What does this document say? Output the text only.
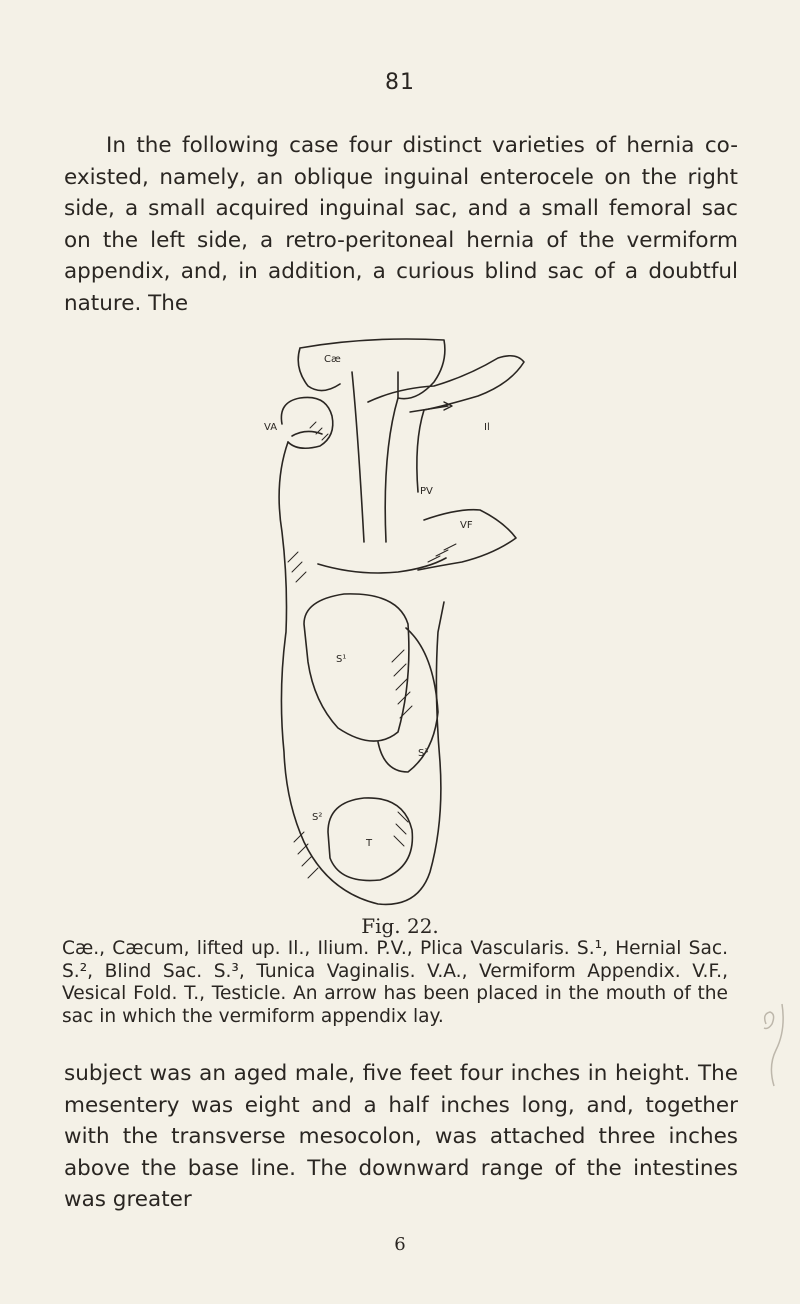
81

In the following case four distinct varieties of hernia co-existed, namely, an oblique inguinal enterocele on the right side, a small acquired inguinal sac, and a small femoral sac on the left side, a retro-peritoneal hernia of the vermiform appendix, and, in addition, a curious blind sac of a doubtful nature. The

Cæ
VA	Il
PV
VF
S¹
S³
S²
T
Fig. 22.

Cæ., Cæcum, lifted up. Il., Ilium. P.V., Plica Vascularis. S.¹, Hernial Sac. S.², Blind Sac. S.³, Tunica Vaginalis. V.A., Vermiform Appendix. V.F., Vesical Fold. T., Testicle. An arrow has been placed in the mouth of the sac in which the vermiform appendix lay.

subject was an aged male, five feet four inches in height. The mesentery was eight and a half inches long, and, together with the transverse mesocolon, was attached three inches above the base line. The downward range of the intestines was greater

6
